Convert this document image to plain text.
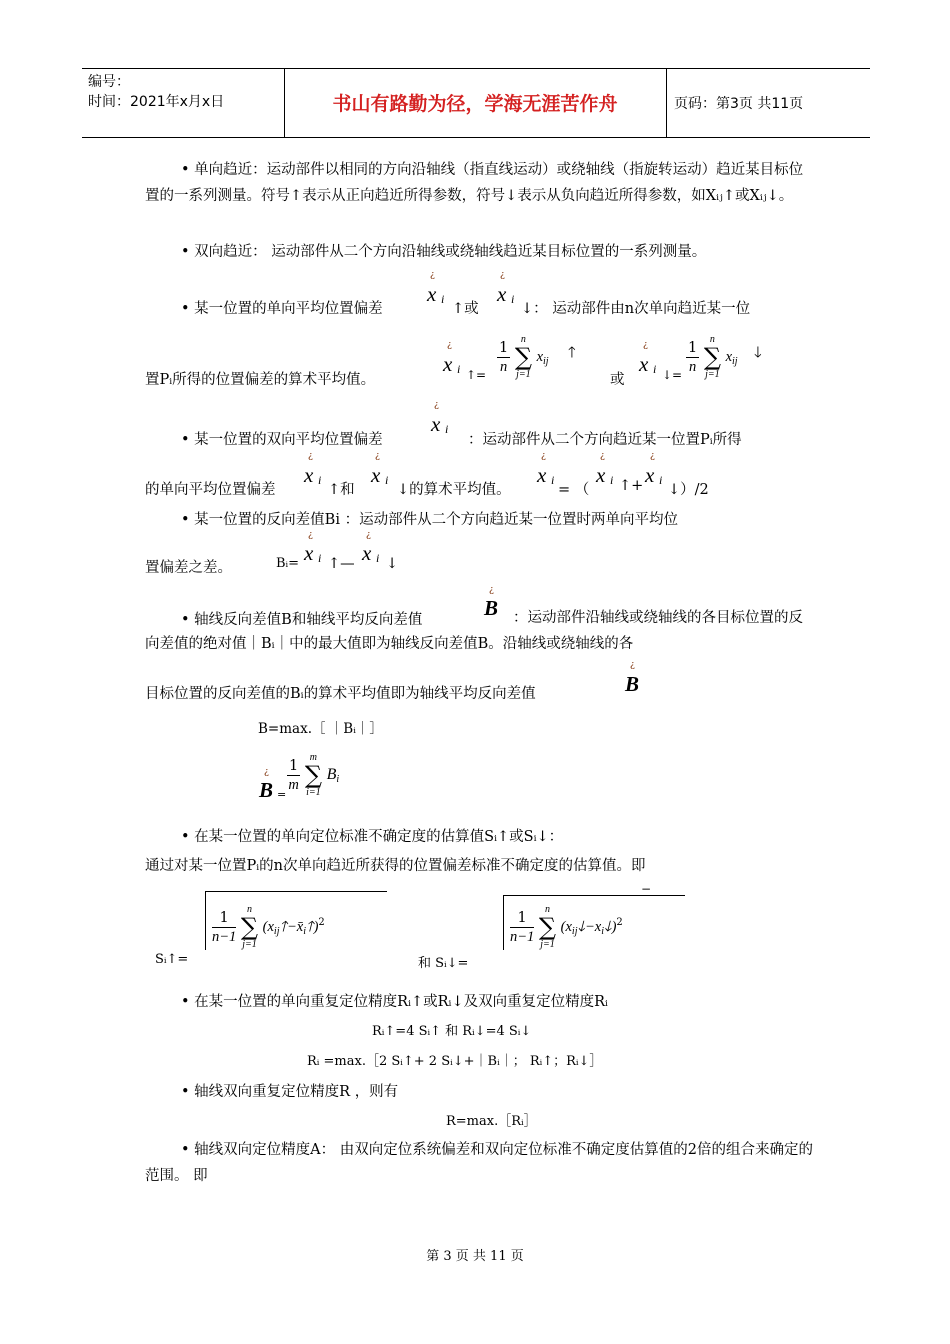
编号：
时间：2021年x月x日	书山有路勤为径，学海无涯苦作舟	页码：第3页 共11页
• 单向趋近：运动部件以相同的方向沿轴线（指直线运动）或绕轴线（指旋转运动）趋近某目标位置的一系列测量。符号↑表示从正向趋近所得参数，符号↓表示从负向趋近所得参数，如Xᵢⱼ↑或Xᵢⱼ↓。
• 双向趋近： 运动部件从二个方向沿轴线或绕轴线趋近某目标位置的一系列测量。
• 某一位置的单向平均位置偏差
¿
x i
↑或
¿
x i
↓： 运动部件由n次单向趋近某一位
置Pᵢ所得的位置偏差的算术平均值。
¿
x i ↑= $\frac{1}{n}$ n
∑
j=1 $x_{ij}$
🡑
或
¿
x i ↓= $\frac{1}{n}$ n
∑
j=1 $x_{ij}$
🡓
• 某一位置的双向平均位置偏差
¿
x i
：运动部件从二个方向趋近某一位置Pᵢ所得
的单向平均位置偏差
¿
x i
↑和
¿
x i
↓的算术平均值。
¿
x i
= （
¿
x i ↑+
¿
x i
↓）/2
• 某一位置的反向差值Bi ：运动部件从二个方向趋近某一位置时两单向平均位
置偏差之差。	Bᵢ=
¿
x i ↑—
¿
x i ↓
• 轴线反向差值B和轴线平均反向差值
¿
B	：运动部件沿轴线或绕轴线的各目标位置的反向差值的绝对值｜Bᵢ｜中的最大值即为轴线反向差值B。沿轴线或绕轴线的各
目标位置的反向差值的Bᵢ的算术平均值即为轴线平均反向差值
¿
B
B=max.［ ｜Bᵢ｜］
¿
B =
$\frac{1}{m}$ m
∑
i=1 $B_i$
• 在某一位置的单向定位标准不确定度的估算值Sᵢ↑或Sᵢ↓：
通过对某一位置Pᵢ的n次单向趋近所获得的位置偏差标准不确定度的估算值。即
Sᵢ↑=
$\frac{1}{n-1}$ n
∑
j=1 $(x_{ij}🡑-x̄_i🡑)^2$
和 Sᵢ↓=
−
$\frac{1}{n-1}$ n
∑
j=1 $(x_{ij}🡓-x_i🡓)^2$
• 在某一位置的单向重复定位精度Rᵢ↑或Rᵢ↓及双向重复定位精度Rᵢ
Rᵢ↑=4 Sᵢ↑ 和 Rᵢ↓=4 Sᵢ↓
Rᵢ =max.［2 Sᵢ↑+ 2 Sᵢ↓+｜Bᵢ｜； Rᵢ↑；Rᵢ↓］
• 轴线双向重复定位精度R ，则有
R=max.［Rᵢ］
• 轴线双向定位精度A： 由双向定位系统偏差和双向定位标准不确定度估算值的2倍的组合来确定的范围。 即
第 3 页 共 11 页
